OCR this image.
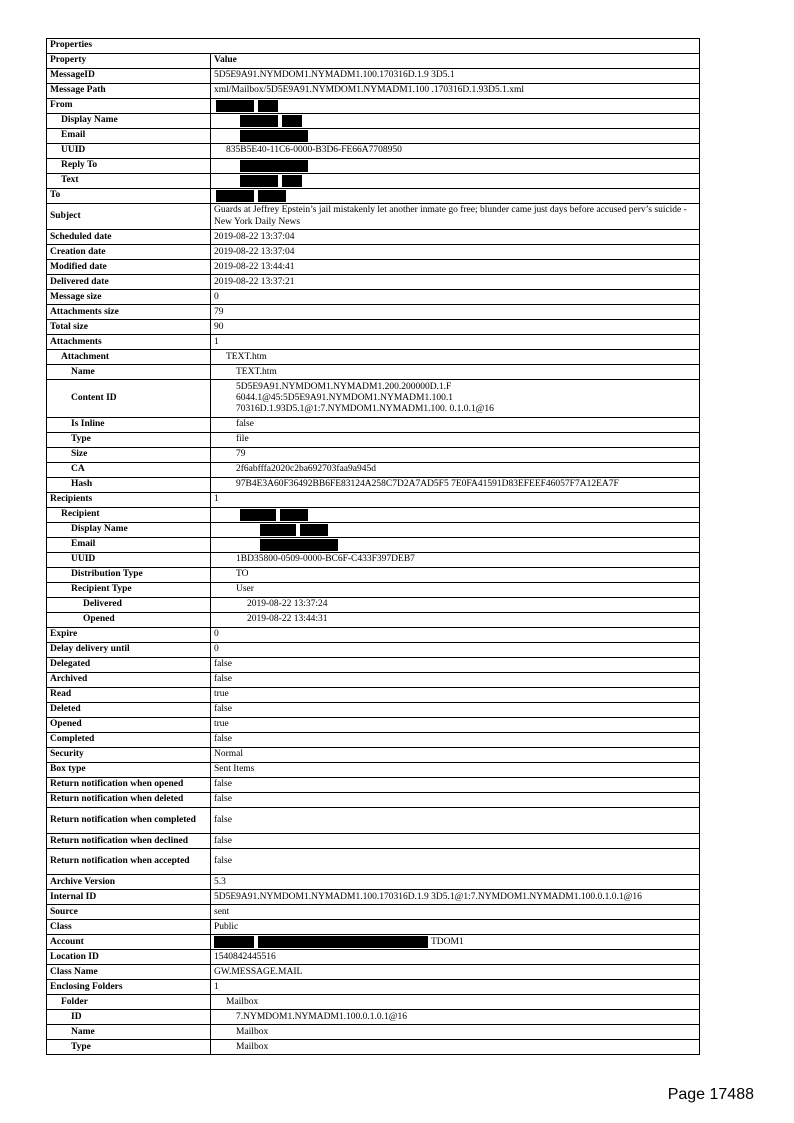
Properties	
Property	Value
MessageID	5D5E9A91.NYMDOM1.NYMADM1.100.170316D.1.9 3D5.1
Message Path	xml/Mailbox/5D5E9A91.NYMDOM1.NYMADM1.100 .170316D.1.93D5.1.xml
From	
Display Name	
Email	
UUID	835B5E40-11C6-0000-B3D6-FE66A7708950
Reply To	
Text	
To	
Subject	Guards at Jeffrey Epstein’s jail mistakenly let another inmate go free; blunder came just days before accused perv’s suicide - New York Daily News
Scheduled date	2019-08-22 13:37:04
Creation date	2019-08-22 13:37:04
Modified date	2019-08-22 13:44:41
Delivered date	2019-08-22 13:37:21
Message size	0
Attachments size	79
Total size	90
Attachments	1
Attachment	TEXT.htm
Name	TEXT.htm
Content ID	5D5E9A91.NYMDOM1.NYMADM1.200.200000D.1.F
6044.1@45:5D5E9A91.NYMDOM1.NYMADM1.100.1
70316D.1.93D5.1@1:7.NYMDOM1.NYMADM1.100. 0.1.0.1@16
Is Inline	false
Type	file
Size	79
CA	2f6abfffa2020c2ba692703faa9a945d
Hash	97B4E3A60F36492BB6FE83124A258C7D2A7AD5F5 7E0FA41591D83EFEEF46057F7A12EA7F
Recipients	1
Recipient	
Display Name	
Email	
UUID	1BD35800-0509-0000-BC6F-C433F397DEB7
Distribution Type	TO
Recipient Type	User
Delivered	2019-08-22 13:37:24
Opened	2019-08-22 13:44:31
Expire	0
Delay delivery until	0
Delegated	false
Archived	false
Read	true
Deleted	false
Opened	true
Completed	false
Security	Normal
Box type	Sent Items
Return notification when opened	false
Return notification when deleted	false
Return notification when completed	false
Return notification when declined	false
Return notification when accepted	false
Archive Version	5.3
Internal ID	5D5E9A91.NYMDOM1.NYMADM1.100.170316D.1.9 3D5.1@1:7.NYMDOM1.NYMADM1.100.0.1.0.1@16
Source	sent
Class	Public
Account	TDOM1
Location ID	1540842445516
Class Name	GW.MESSAGE.MAIL
Enclosing Folders	1
Folder	Mailbox
ID	7.NYMDOM1.NYMADM1.100.0.1.0.1@16
Name	Mailbox
Type	Mailbox
Page 17488
